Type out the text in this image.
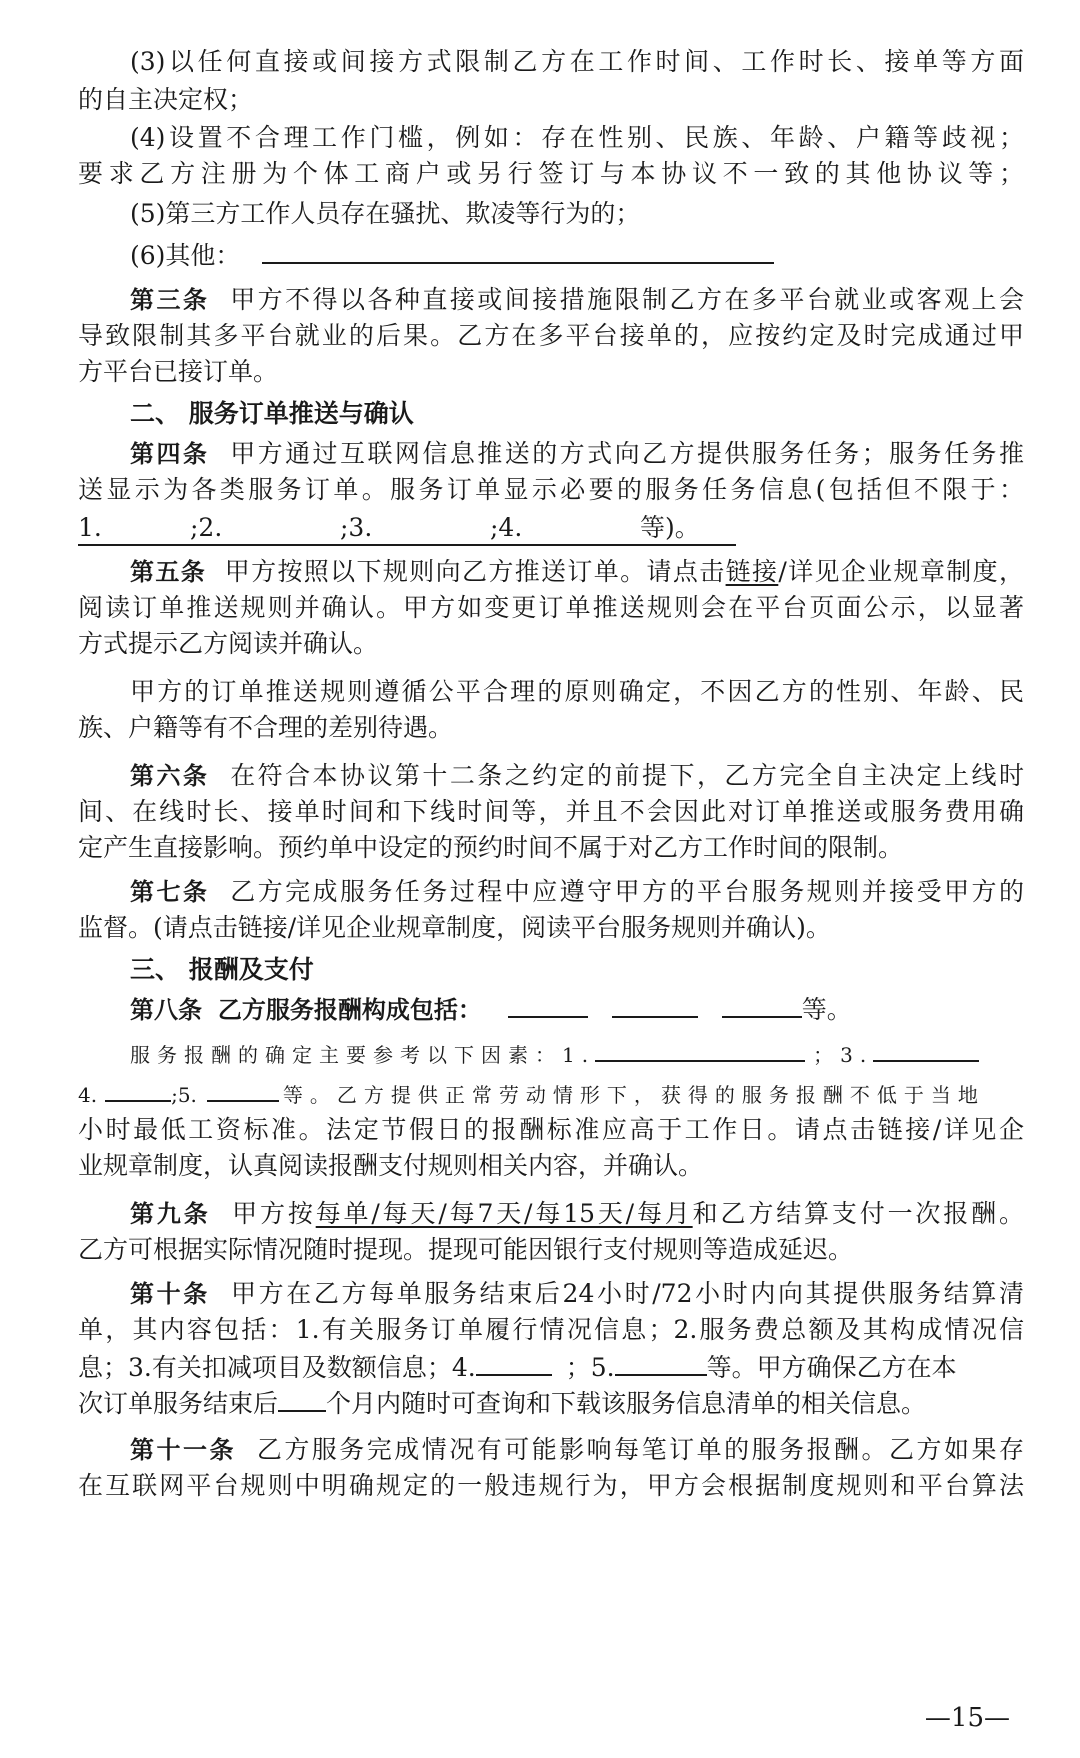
(3)以任何直接或间接方式限制乙方在工作时间、工作时长、接单等方面
的自主决定权；
(4)设置不合理工作门槛，例如：存在性别、民族、年龄、户籍等歧视；
要求乙方注册为个体工商户或另行签订与本协议不一致的其他协议等；
(5)第三方工作人员存在骚扰、欺凌等行为的；
(6)其他：
第三条 甲方不得以各种直接或间接措施限制乙方在多平台就业或客观上会
导致限制其多平台就业的后果。乙方在多平台接单的，应按约定及时完成通过甲
方平台已接订单。
二、 服务订单推送与确认
第四条 甲方通过互联网信息推送的方式向乙方提供服务任务；服务任务推
送显示为各类服务订单。服务订单显示必要的服务任务信息(包括但不限于：
1.	;2.	;3.	;4.	等)。
第五条 甲方按照以下规则向乙方推送订单。请点击链接/详见企业规章制度，
阅读订单推送规则并确认。甲方如变更订单推送规则会在平台页面公示，以显著
方式提示乙方阅读并确认。
甲方的订单推送规则遵循公平合理的原则确定，不因乙方的性别、年龄、民
族、户籍等有不合理的差别待遇。
第六条 在符合本协议第十二条之约定的前提下，乙方完全自主决定上线时
间、在线时长、接单时间和下线时间等，并且不会因此对订单推送或服务费用确
定产生直接影响。预约单中设定的预约时间不属于对乙方工作时间的限制。
第七条 乙方完成服务任务过程中应遵守甲方的平台服务规则并接受甲方的
监督。(请点击链接/详见企业规章制度，阅读平台服务规则并确认)。
三、 报酬及支付
第八条 乙方服务报酬构成包括：	等。
服务报酬的确定主要参考以下因素：1.	；3.
4.	;5.	等。乙方提供正常劳动情形下，获得的服务报酬不低于当地
小时最低工资标准。法定节假日的报酬标准应高于工作日。请点击链接/详见企
业规章制度，认真阅读报酬支付规则相关内容，并确认。
第九条 甲方按每单/每天/每7天/每15天/每月和乙方结算支付一次报酬。
乙方可根据实际情况随时提现。提现可能因银行支付规则等造成延迟。
第十条 甲方在乙方每单服务结束后24小时/72小时内向其提供服务结算清
单，其内容包括：1.有关服务订单履行情况信息；2.服务费总额及其构成情况信
息；3.有关扣减项目及数额信息；4.	；5.	等。甲方确保乙方在本
次订单服务结束后 个月内随时可查询和下载该服务信息清单的相关信息。
第十一条 乙方服务完成情况有可能影响每笔订单的服务报酬。乙方如果存
在互联网平台规则中明确规定的一般违规行为，甲方会根据制度规则和平台算法
—15—
